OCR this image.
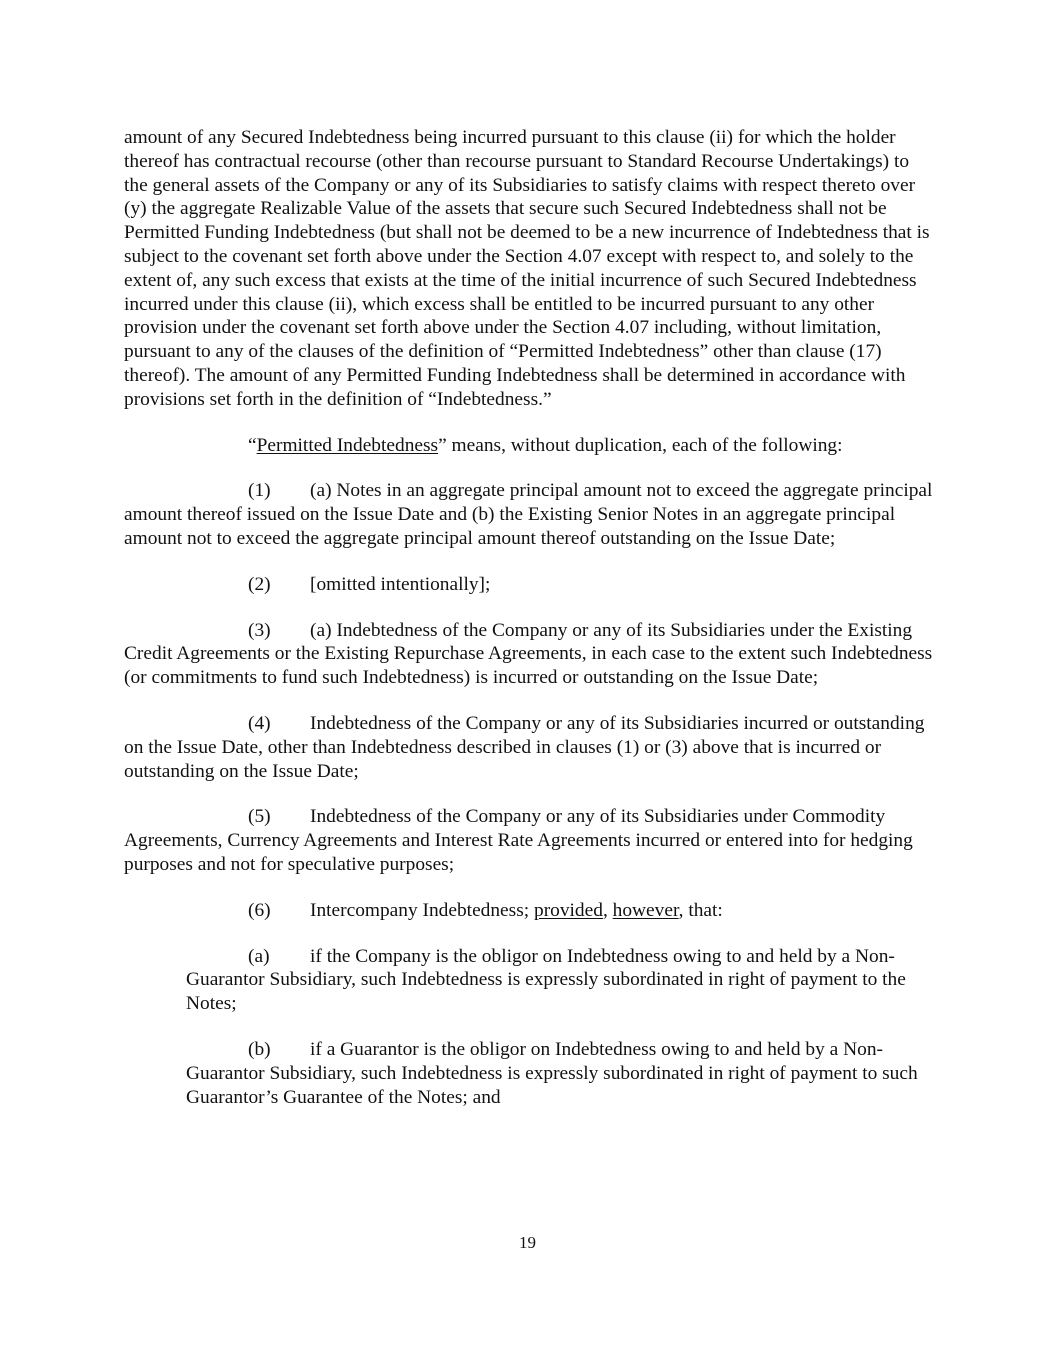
amount of any Secured Indebtedness being incurred pursuant to this clause (ii) for which the holder thereof has contractual recourse (other than recourse pursuant to Standard Recourse Undertakings) to the general assets of the Company or any of its Subsidiaries to satisfy claims with respect thereto over (y) the aggregate Realizable Value of the assets that secure such Secured Indebtedness shall not be Permitted Funding Indebtedness (but shall not be deemed to be a new incurrence of Indebtedness that is subject to the covenant set forth above under the Section 4.07 except with respect to, and solely to the extent of, any such excess that exists at the time of the initial incurrence of such Secured Indebtedness incurred under this clause (ii), which excess shall be entitled to be incurred pursuant to any other provision under the covenant set forth above under the Section 4.07 including, without limitation, pursuant to any of the clauses of the definition of “Permitted Indebtedness” other than clause (17) thereof). The amount of any Permitted Funding Indebtedness shall be determined in accordance with provisions set forth in the definition of “Indebtedness.”

“Permitted Indebtedness” means, without duplication, each of the following:

(1) (a) Notes in an aggregate principal amount not to exceed the aggregate principal amount thereof issued on the Issue Date and (b) the Existing Senior Notes in an aggregate principal amount not to exceed the aggregate principal amount thereof outstanding on the Issue Date;

(2) [omitted intentionally];

(3) (a) Indebtedness of the Company or any of its Subsidiaries under the Existing Credit Agreements or the Existing Repurchase Agreements, in each case to the extent such Indebtedness (or commitments to fund such Indebtedness) is incurred or outstanding on the Issue Date;

(4) Indebtedness of the Company or any of its Subsidiaries incurred or outstanding on the Issue Date, other than Indebtedness described in clauses (1) or (3) above that is incurred or outstanding on the Issue Date;

(5) Indebtedness of the Company or any of its Subsidiaries under Commodity Agreements, Currency Agreements and Interest Rate Agreements incurred or entered into for hedging purposes and not for speculative purposes;

(6) Intercompany Indebtedness; provided, however, that:

(a) if the Company is the obligor on Indebtedness owing to and held by a Non-Guarantor Subsidiary, such Indebtedness is expressly subordinated in right of payment to the Notes;

(b) if a Guarantor is the obligor on Indebtedness owing to and held by a Non-Guarantor Subsidiary, such Indebtedness is expressly subordinated in right of payment to such Guarantor’s Guarantee of the Notes; and

19
